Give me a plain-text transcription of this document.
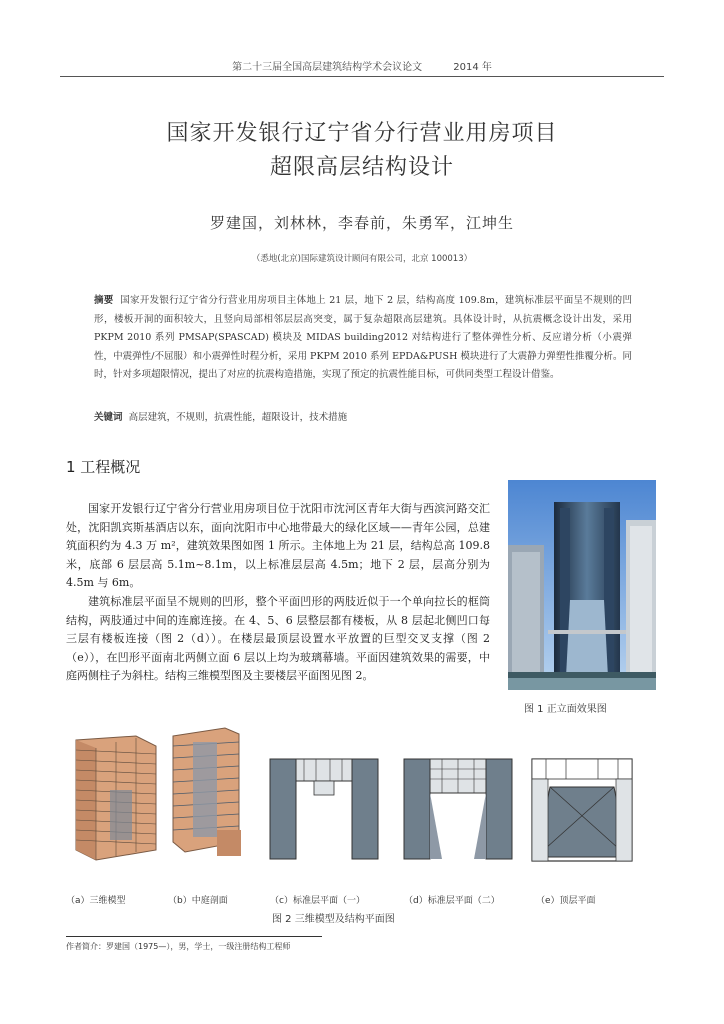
第二十三届全国高层建筑结构学术会议论文	2014 年
国家开发银行辽宁省分行营业用房项目
超限高层结构设计
罗建国，刘林林，李春前，朱勇军，江坤生
（悉地(北京)国际建筑设计顾问有限公司，北京 100013）
摘要 国家开发银行辽宁省分行营业用房项目主体地上 21 层，地下 2 层，结构高度 109.8m，建筑标准层平面呈不规则的凹形，楼板开洞的面积较大，且竖向局部相邻层层高突变，属于复杂超限高层建筑。具体设计时，从抗震概念设计出发，采用 PKPM 2010 系列 PMSAP(SPASCAD) 模块及 MIDAS building2012 对结构进行了整体弹性分析、反应谱分析（小震弹性，中震弹性/不屈服）和小震弹性时程分析，采用 PKPM 2010 系列 EPDA&PUSH 模块进行了大震静力弹塑性推覆分析。同时，针对多项超限情况，提出了对应的抗震构造措施，实现了预定的抗震性能目标，可供同类型工程设计借鉴。
关键词 高层建筑，不规则，抗震性能，超限设计，技术措施
1 工程概况

国家开发银行辽宁省分行营业用房项目位于沈阳市沈河区青年大街与西滨河路交汇处，沈阳凯宾斯基酒店以东，面向沈阳市中心地带最大的绿化区域——青年公园，总建筑面积约为 4.3 万 m²，建筑效果图如图 1 所示。主体地上为 21 层，结构总高 109.8 米，底部 6 层层高 5.1m~8.1m，以上标准层层高 4.5m；地下 2 层，层高分别为 4.5m 与 6m。

建筑标准层平面呈不规则的凹形，整个平面凹形的两肢近似于一个单向拉长的框筒结构，两肢通过中间的连廊连接。在 4、5、6 层整层都有楼板，从 8 层起北侧凹口每三层有楼板连接（图 2（d））。在楼层最顶层设置水平放置的巨型交叉支撑（图 2（e）），在凹形平面南北两侧立面 6 层以上均为玻璃幕墙。平面因建筑效果的需要，中庭两侧柱子为斜柱。结构三维模型图及主要楼层平面图见图 2。

图 1 正立面效果图
（a）三维模型	（b）中庭剖面	（c）标准层平面（一）	（d）标准层平面（二）	（e）顶层平面
图 2 三维模型及结构平面图
作者简介：罗建国（1975—），男，学士，一级注册结构工程师
